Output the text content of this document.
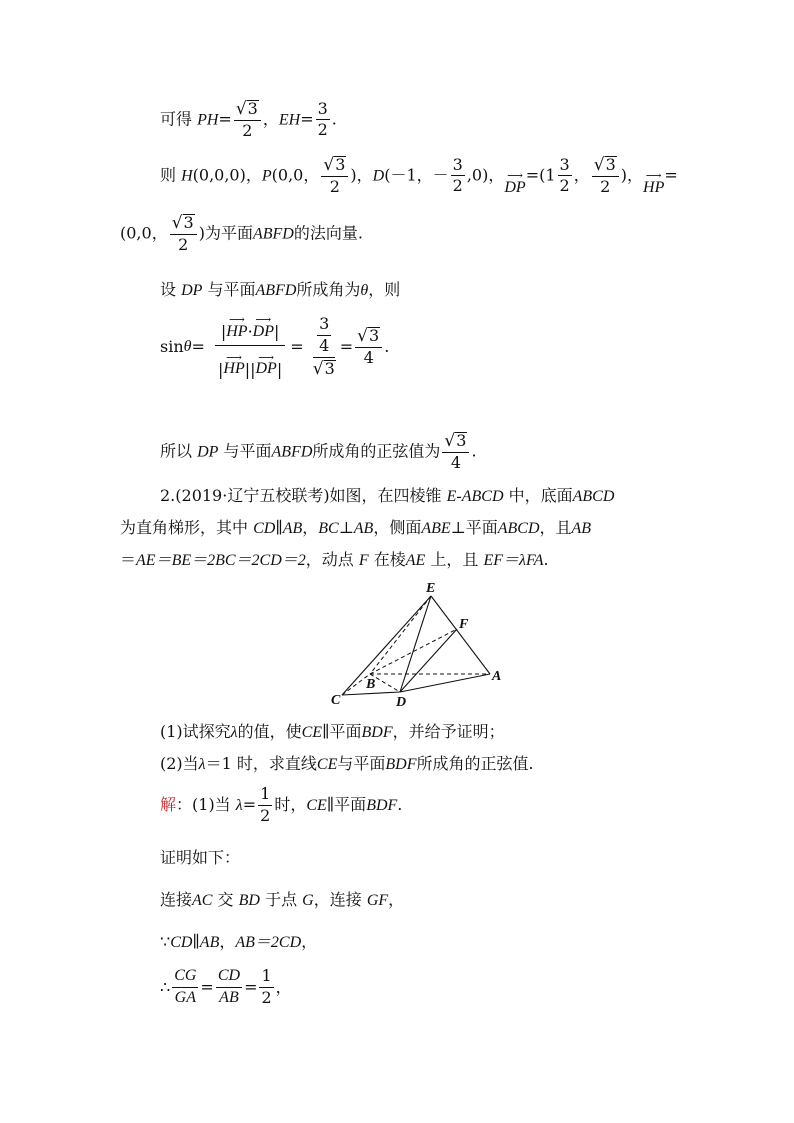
可得 $PH= \frac{√ 3}{2}$ ，$EH= \frac{3}{2}$ .
则 H(0,0,0)，P(0,0， $\frac{√ 3}{2}$ )，D(－1，－ $\frac{3}{2} ,0$)， ⟶
DP
$=(1 \frac{3}{2}$ ， $\frac{√ 3}{2}$ )， ⟶
HP
=
(0,0， $\frac{√ 3}{2}$ )为平面ABFD的法向量.
设 DP 与平面ABFD所成角为θ，则
sinθ= |
⟶
HP ·
⟶
DP |
|
⟶
HP ||
⟶
DP | = $\frac{\frac{3}{4}}{√ 3} = \frac{√ 3}{4}$ .
所以 DP 与平面ABFD所成角的正弦值为 $\frac{√ 3}{4}$ .
2.(2019·辽宁五校联考)如图，在四棱锥 E-ABCD 中，底面ABCD
为直角梯形，其中 CD∥AB，BC⊥AB，侧面ABE⊥平面ABCD，且AB
＝AE＝BE＝2BC＝2CD＝2，动点 F 在棱AE 上，且 EF＝λFA.
E
F
A
B
C	D
(1)试探究λ的值，使CE∥平面BDF，并给予证明；
(2)当λ＝1 时，求直线CE与平面BDF所成角的正弦值.
解：(1)当 $\lambda= \frac{1}{2}$ 时，CE∥平面BDF.
证明如下：
连接AC 交 BD 于点 G，连接 GF，
∵CD∥AB，AB＝2CD，
∴ $\frac{CG}{GA} = \frac{CD}{AB} = \frac{1}{2}$ ，
